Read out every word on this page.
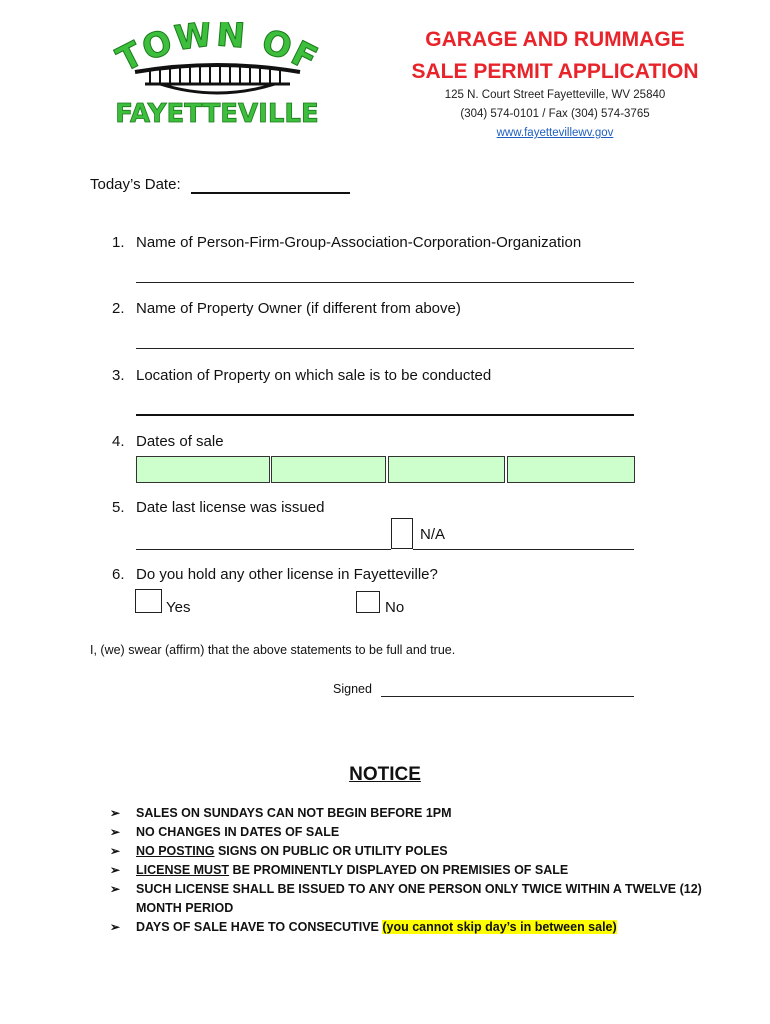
TOWN OF
FAYETTEVILLE
GARAGE AND RUMMAGE
SALE PERMIT APPLICATION
125 N. Court Street Fayetteville, WV 25840
(304) 574-0101 / Fax (304) 574-3765
www.fayettevillewv.gov
Today’s Date:
1. Name of Person-Firm-Group-Association-Corporation-Organization
2. Name of Property Owner (if different from above)
3. Location of Property on which sale is to be conducted
4. Dates of sale
5. Date last license was issued
N/A
6. Do you hold any other license in Fayetteville?
Yes	No
I, (we) swear (affirm) that the above statements to be full and true.
Signed
NOTICE
➢ SALES ON SUNDAYS CAN NOT BEGIN BEFORE 1PM
➢ NO CHANGES IN DATES OF SALE
➢ NO POSTING SIGNS ON PUBLIC OR UTILITY POLES
➢ LICENSE MUST BE PROMINENTLY DISPLAYED ON PREMISIES OF SALE
➢ SUCH LICENSE SHALL BE ISSUED TO ANY ONE PERSON ONLY TWICE WITHIN A TWELVE (12) MONTH PERIOD
➢ DAYS OF SALE HAVE TO CONSECUTIVE (you cannot skip day’s in between sale)
